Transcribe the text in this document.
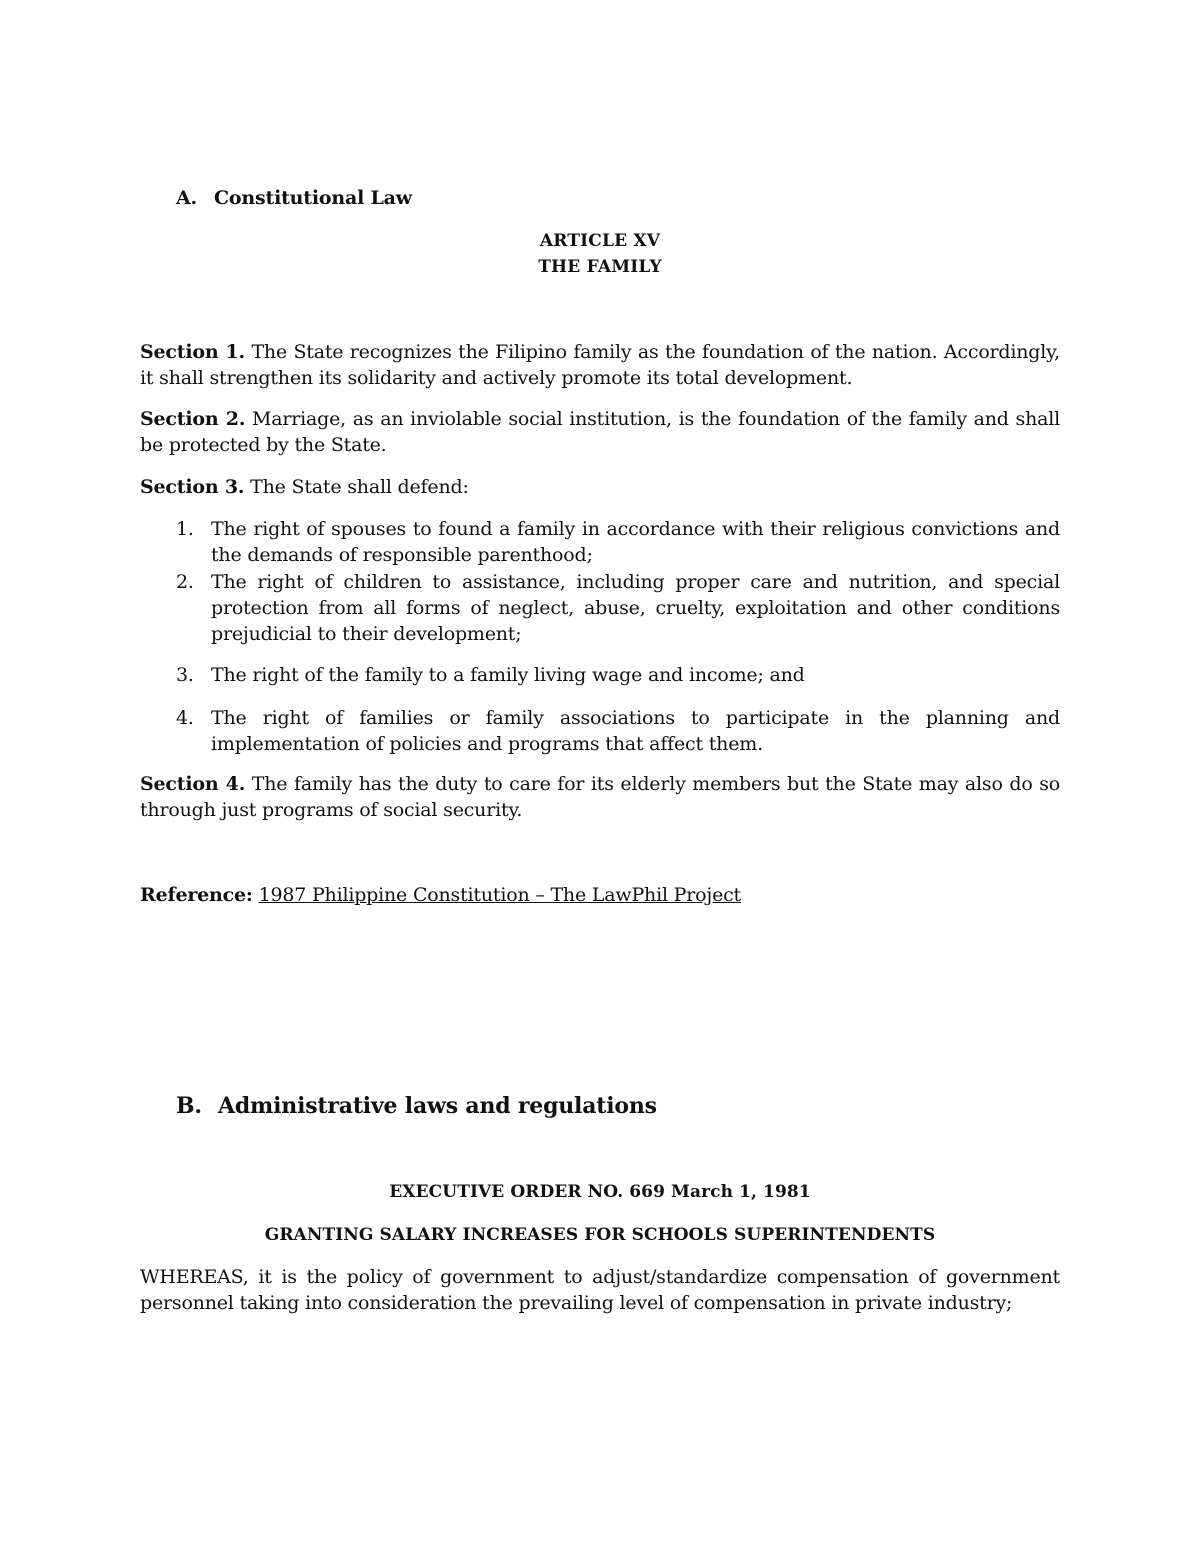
A. Constitutional Law
ARTICLE XV
THE FAMILY
Section 1. The State recognizes the Filipino family as the foundation of the nation. Accordingly, it shall strengthen its solidarity and actively promote its total development.
Section 2. Marriage, as an inviolable social institution, is the foundation of the family and shall be protected by the State.
Section 3. The State shall defend:
1. The right of spouses to found a family in accordance with their religious convictions and the demands of responsible parenthood;
2. The right of children to assistance, including proper care and nutrition, and special protection from all forms of neglect, abuse, cruelty, exploitation and other conditions prejudicial to their development;
3. The right of the family to a family living wage and income; and
4. The right of families or family associations to participate in the planning and implementation of policies and programs that affect them.
Section 4. The family has the duty to care for its elderly members but the State may also do so through just programs of social security.
Reference: 1987 Philippine Constitution – The LawPhil Project
B. Administrative laws and regulations
EXECUTIVE ORDER NO. 669 March 1, 1981
GRANTING SALARY INCREASES FOR SCHOOLS SUPERINTENDENTS
WHEREAS, it is the policy of government to adjust/standardize compensation of government personnel taking into consideration the prevailing level of compensation in private industry;
